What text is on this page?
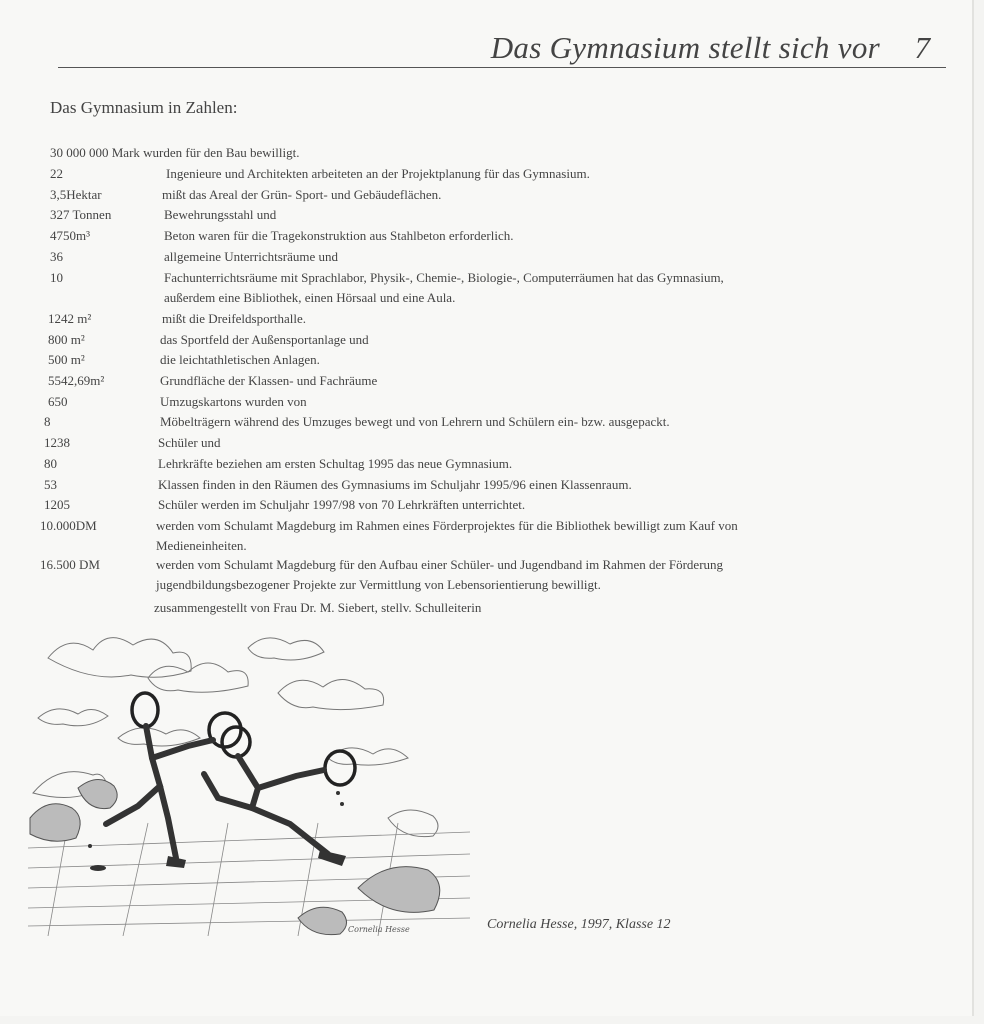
Das Gymnasium stellt sich vor 7
Das Gymnasium in Zahlen:
30 000 000 Mark wurden für den Bau bewilligt.
22	Ingenieure und Architekten arbeiteten an der Projektplanung für das Gymnasium.
3,5Hektar	mißt das Areal der Grün- Sport- und Gebäudeflächen.
327 Tonnen	Bewehrungsstahl und
4750m³	Beton waren für die Tragekonstruktion aus Stahlbeton erforderlich.
36	allgemeine Unterrichtsräume und
10	Fachunterrichtsräume mit Sprachlabor, Physik-, Chemie-, Biologie-, Computerräumen hat das Gymnasium,
außerdem eine Bibliothek, einen Hörsaal und eine Aula.
1242 m²	mißt die Dreifeldsporthalle.
800 m²	das Sportfeld der Außensportanlage und
500 m²	die leichtathletischen Anlagen.
5542,69m²	Grundfläche der Klassen- und Fachräume
650	Umzugskartons wurden von
8	Möbelträgern während des Umzuges bewegt und von Lehrern und Schülern ein- bzw. ausgepackt.
1238	Schüler und
80	Lehrkräfte beziehen am ersten Schultag 1995 das neue Gymnasium.
53	Klassen finden in den Räumen des Gymnasiums im Schuljahr 1995/96 einen Klassenraum.
1205	Schüler werden im Schuljahr 1997/98 von 70 Lehrkräften unterrichtet.
10.000DM	werden vom Schulamt Magdeburg im Rahmen eines Förderprojektes für die Bibliothek bewilligt zum Kauf von
Medieneinheiten.
16.500 DM	werden vom Schulamt Magdeburg für den Aufbau einer Schüler- und Jugendband im Rahmen der Förderung
jugendbildungsbezogener Projekte zur Vermittlung von Lebensorientierung bewilligt.
zusammengestellt von Frau Dr. M. Siebert, stellv. Schulleiterin
Cornelia Hesse	Cornelia Hesse, 1997, Klasse 12
